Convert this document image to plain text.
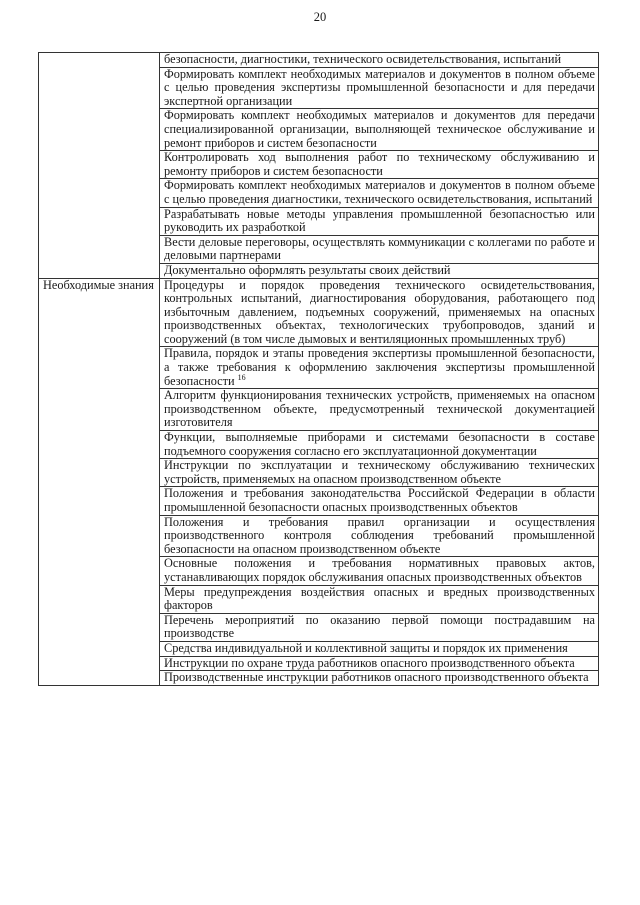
20

	безопасности, диагностики, технического освидетельствования, испытаний

	Формировать комплект необходимых материалов и документов в полном объеме с целью проведения экспертизы промышленной безопасности и для передачи экспертной организации

	Формировать комплект необходимых материалов и документов для передачи специализированной организации, выполняющей техническое обслуживание и ремонт приборов и систем безопасности

	Контролировать ход выполнения работ по техническому обслуживанию и ремонту приборов и систем безопасности

	Формировать комплект необходимых материалов и документов в полном объеме с целью проведения диагностики, технического освидетельствования, испытаний

	Разрабатывать новые методы управления промышленной безопасностью или руководить их разработкой

	Вести деловые переговоры, осуществлять коммуникации с коллегами по работе и деловыми партнерами

	Документально оформлять результаты своих действий

Необходимые знания	Процедуры и порядок проведения технического освидетельствования, контрольных испытаний, диагностирования оборудования, работающего под избыточным давлением, подъемных сооружений, применяемых на опасных производственных объектах, технологических трубопроводов, зданий и сооружений (в том числе дымовых и вентиляционных промышленных труб)

	Правила, порядок и этапы проведения экспертизы промышленной безопасности, а также требования к оформлению заключения экспертизы промышленной безопасности $^{16}$

	Алгоритм функционирования технических устройств, применяемых на опасном производственном объекте, предусмотренный технической документацией изготовителя

	Функции, выполняемые приборами и системами безопасности в составе подъемного сооружения согласно его эксплуатационной документации

	Инструкции по эксплуатации и техническому обслуживанию технических устройств, применяемых на опасном производственном объекте

	Положения и требования законодательства Российской Федерации в области промышленной безопасности опасных производственных объектов

	Положения и требования правил организации и осуществления производственного контроля соблюдения требований промышленной безопасности на опасном производственном объекте

	Основные положения и требования нормативных правовых актов, устанавливающих порядок обслуживания опасных производственных объектов

	Меры предупреждения воздействия опасных и вредных производственных факторов

	Перечень мероприятий по оказанию первой помощи пострадавшим на производстве

	Средства индивидуальной и коллективной защиты и порядок их применения

	Инструкции по охране труда работников опасного производственного объекта

	Производственные инструкции работников опасного производственного объекта
